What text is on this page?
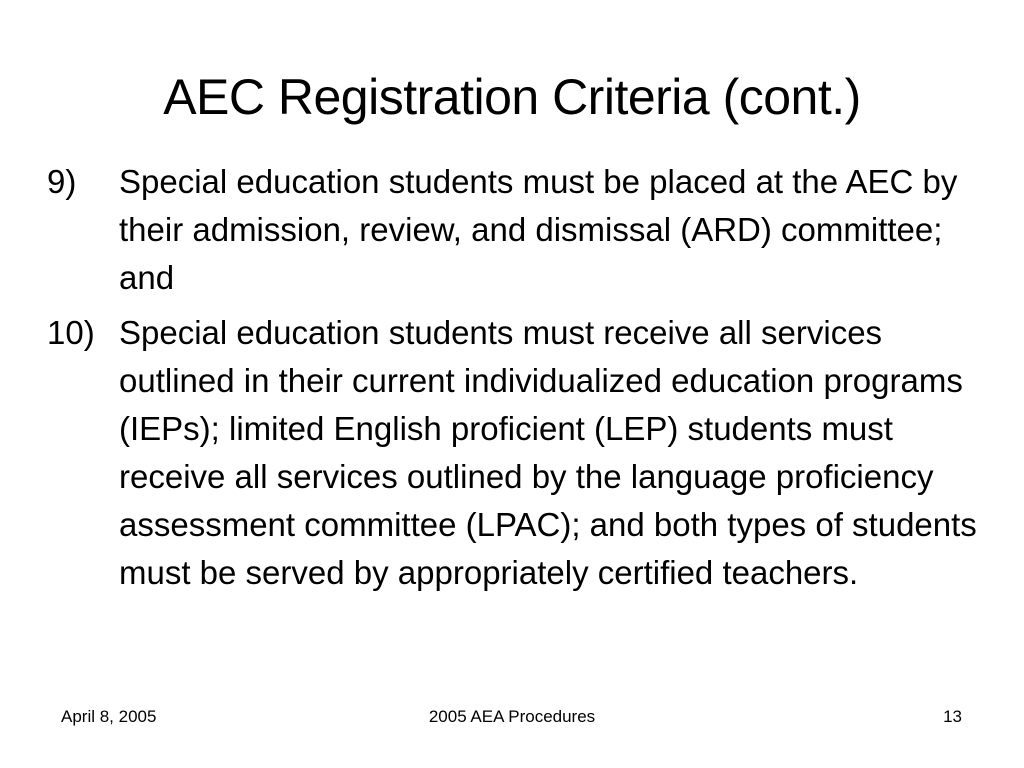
AEC Registration Criteria (cont.)
9) Special education students must be placed at the AEC by their admission, review, and dismissal (ARD) committee; and
10) Special education students must receive all services outlined in their current individualized education programs (IEPs); limited English proficient (LEP) students must receive all services outlined by the language proficiency assessment committee (LPAC); and both types of students must be served by appropriately certified teachers.
April 8, 2005	2005 AEA Procedures	13
